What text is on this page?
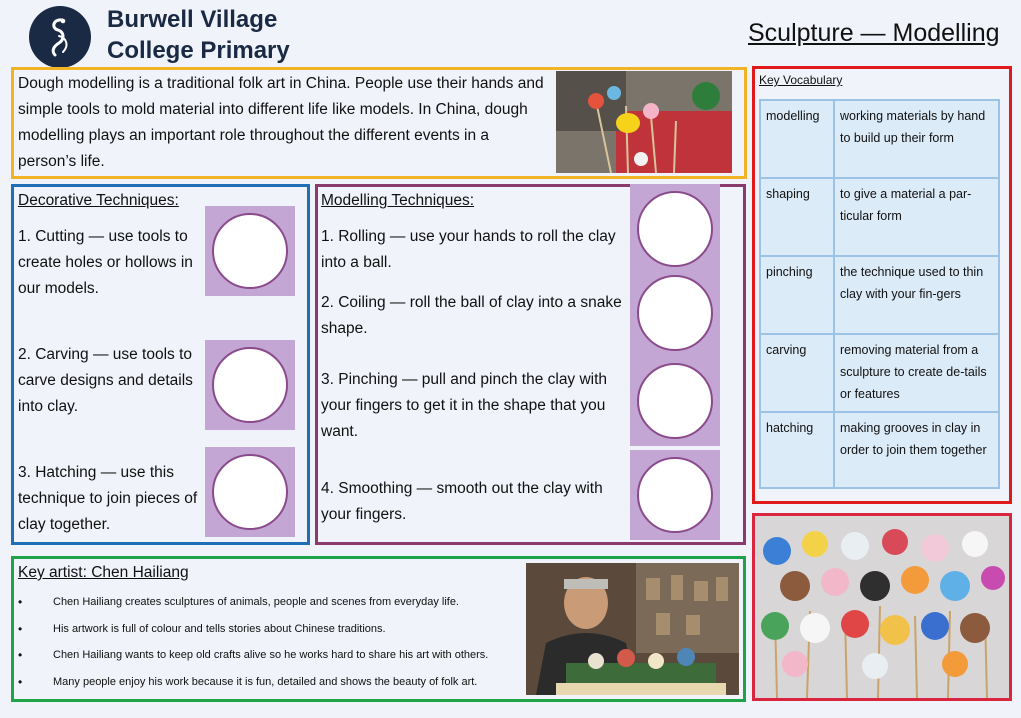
Burwell Village
College Primary
Sculpture — Modelling
Dough modelling is a traditional folk art in China. People use their hands and simple tools to mold material into different life like models. In China, dough modelling plays an important role throughout the different events in a person’s life.
Decorative Techniques:
1. Cutting — use tools to create holes or hollows in our models.
2. Carving — use tools to carve designs and details into clay.
3. Hatching — use this technique to join pieces of clay together.
Modelling Techniques:
1. Rolling — use your hands to roll the clay into a ball.
2. Coiling — roll the ball of clay into a snake shape.
3. Pinching — pull and pinch the clay with your fingers to get it in the shape that you want.
4. Smoothing — smooth out the clay with your fingers.
Key Vocabulary
modelling	working materials by hand to build up their form
shaping	to give a material a par-ticular form
pinching	the technique used to thin clay with your fin-gers
carving	removing material from a sculpture to create de-tails or features
hatching	making grooves in clay in order to join them together
Key artist: Chen Hailiang
• Chen Hailiang creates sculptures of animals, people and scenes from everyday life.
• His artwork is full of colour and tells stories about Chinese traditions.
• Chen Hailiang wants to keep old crafts alive so he works hard to share his art with others.
• Many people enjoy his work because it is fun, detailed and shows the beauty of folk art.
